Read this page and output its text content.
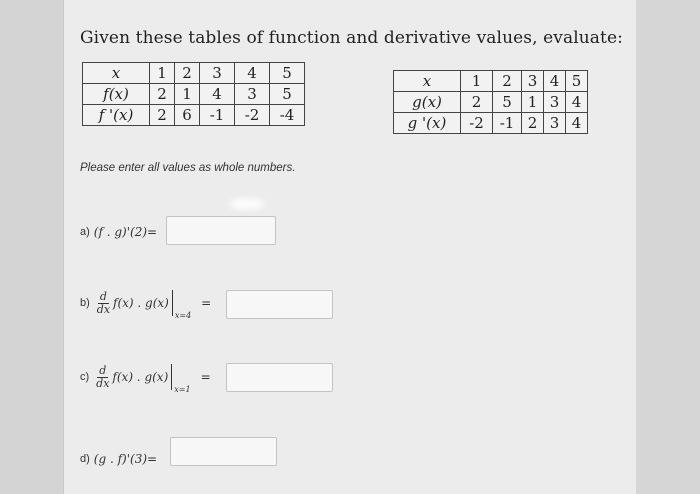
Given these tables of function and derivative values, evaluate:
x	1	2	3	4	5
f(x)	2	1	4	3	5
f '(x)	2	6	-1	-2	-4
x	1	2	3	4	5
g(x)	2	5	1	3	4
g '(x)	-2	-1	2	3	4
Please enter all values as whole numbers.
a) (f . g)'(2)=
$b) \frac{d}{dx} f(x)$ . g(x)
x=4
=
$c) \frac{d}{dx} f(x)$ . g(x)
x=1
=
d) (g . f)'(3)=
